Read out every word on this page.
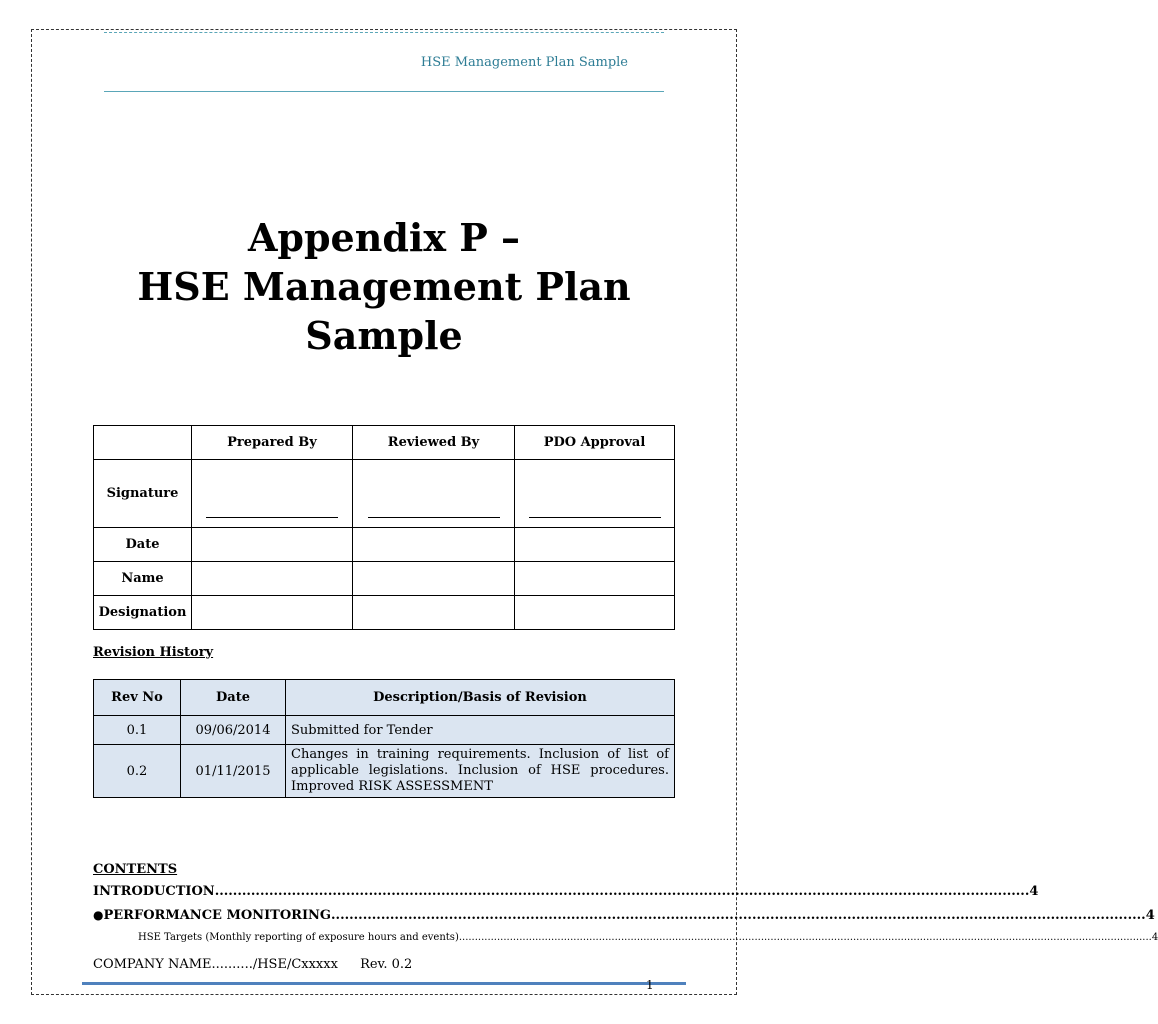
HSE Management Plan Sample
Appendix P –
HSE Management Plan
Sample
	Prepared By	Reviewed By	PDO Approval
Signature			
Date			
Name			
Designation			
Revision History
Rev No	Date	Description/Basis of Revision
0.1	09/06/2014	Submitted for Tender
0.2	01/11/2015	Changes in training requirements. Inclusion of list of applicable legislations. Inclusion of HSE procedures. Improved RISK ASSESSMENT
CONTENTS
INTRODUCTION .................................................................................................................................................................................... 4
● PERFORMANCE MONITORING .................................................................................................................................................................................... 4
HSE Targets (Monthly reporting of exposure hours and events) .......................................................................................................................................................................................................................... 4
COMPANY NAME........../HSE/Cxxxxx Rev. 0.2
1
